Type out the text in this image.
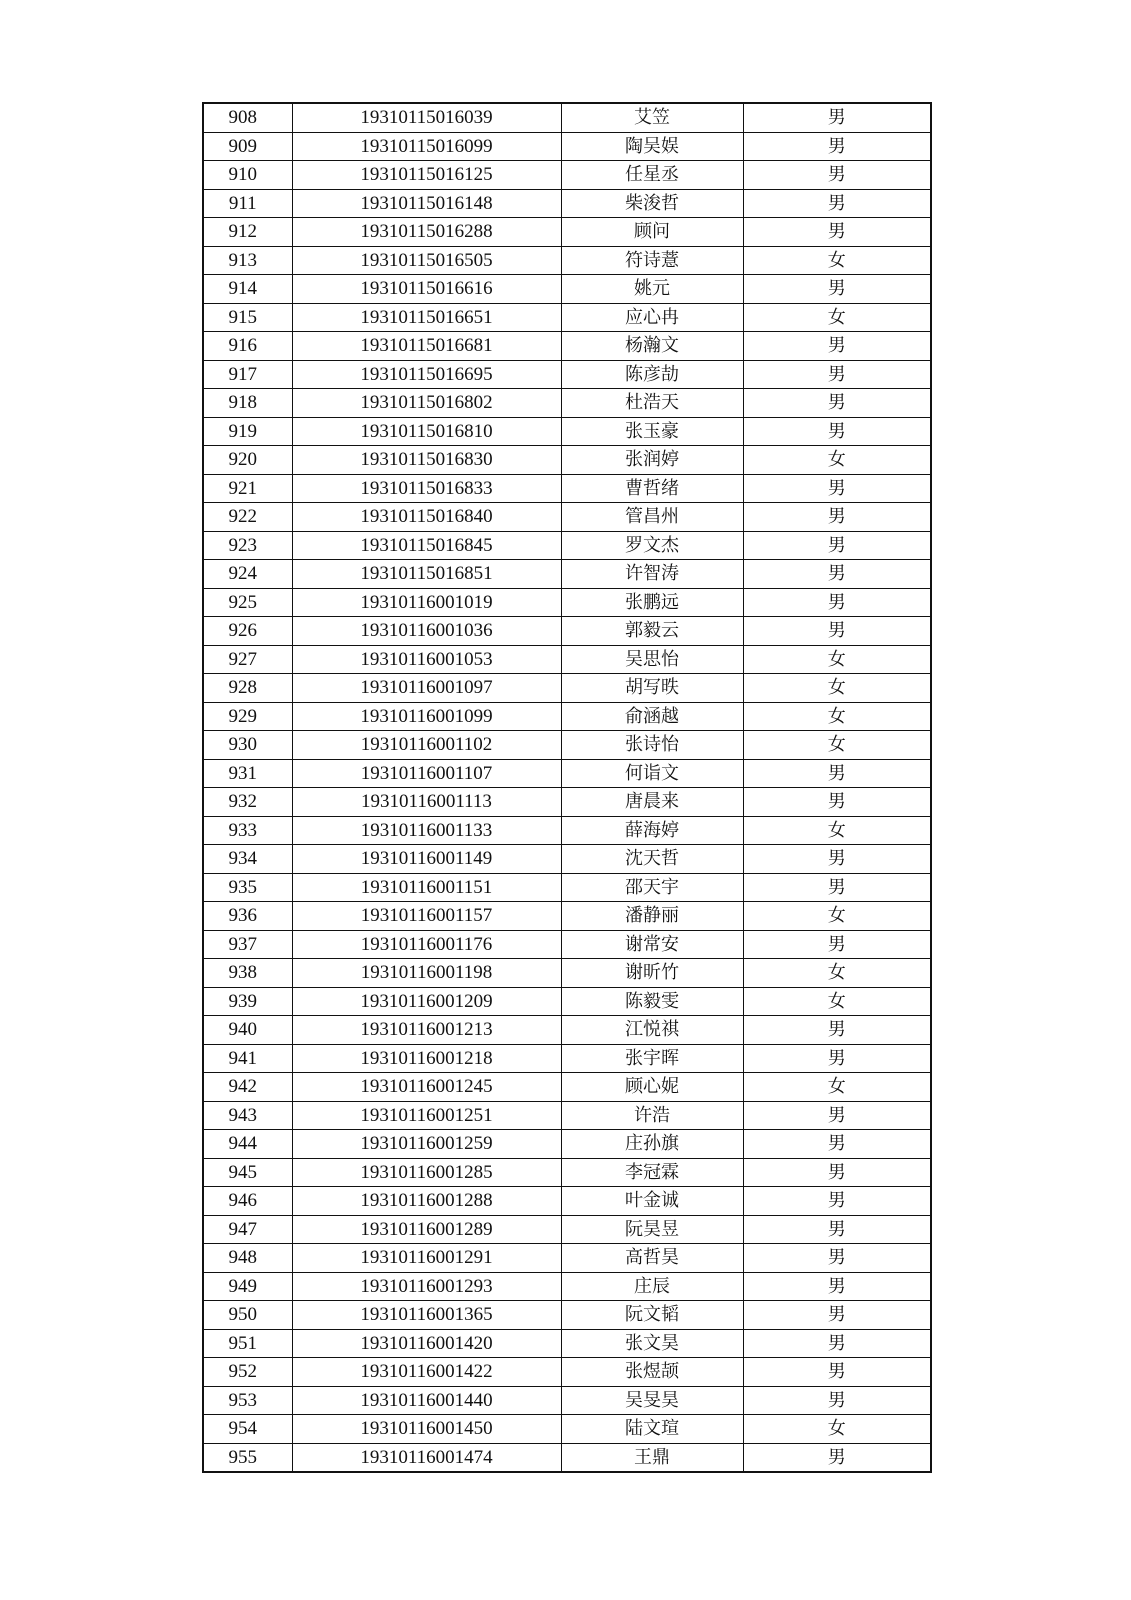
908	19310115016039	艾笠	男
909	19310115016099	陶吴娱	男
910	19310115016125	任星丞	男
911	19310115016148	柴浚哲	男
912	19310115016288	顾问	男
913	19310115016505	符诗薏	女
914	19310115016616	姚元	男
915	19310115016651	应心冉	女
916	19310115016681	杨瀚文	男
917	19310115016695	陈彦劼	男
918	19310115016802	杜浩天	男
919	19310115016810	张玉豪	男
920	19310115016830	张润婷	女
921	19310115016833	曹哲绪	男
922	19310115016840	管昌州	男
923	19310115016845	罗文杰	男
924	19310115016851	许智涛	男
925	19310116001019	张鹏远	男
926	19310116001036	郭毅云	男
927	19310116001053	吴思怡	女
928	19310116001097	胡写昳	女
929	19310116001099	俞涵越	女
930	19310116001102	张诗怡	女
931	19310116001107	何诣文	男
932	19310116001113	唐晨来	男
933	19310116001133	薛海婷	女
934	19310116001149	沈天哲	男
935	19310116001151	邵天宇	男
936	19310116001157	潘静丽	女
937	19310116001176	谢常安	男
938	19310116001198	谢昕竹	女
939	19310116001209	陈毅雯	女
940	19310116001213	江悦祺	男
941	19310116001218	张宇晖	男
942	19310116001245	顾心妮	女
943	19310116001251	许浩	男
944	19310116001259	庄孙旗	男
945	19310116001285	李冠霖	男
946	19310116001288	叶金诚	男
947	19310116001289	阮昊昱	男
948	19310116001291	高哲昊	男
949	19310116001293	庄辰	男
950	19310116001365	阮文韬	男
951	19310116001420	张文昊	男
952	19310116001422	张煜颉	男
953	19310116001440	吴旻昊	男
954	19310116001450	陆文瑄	女
955	19310116001474	王鼎	男
